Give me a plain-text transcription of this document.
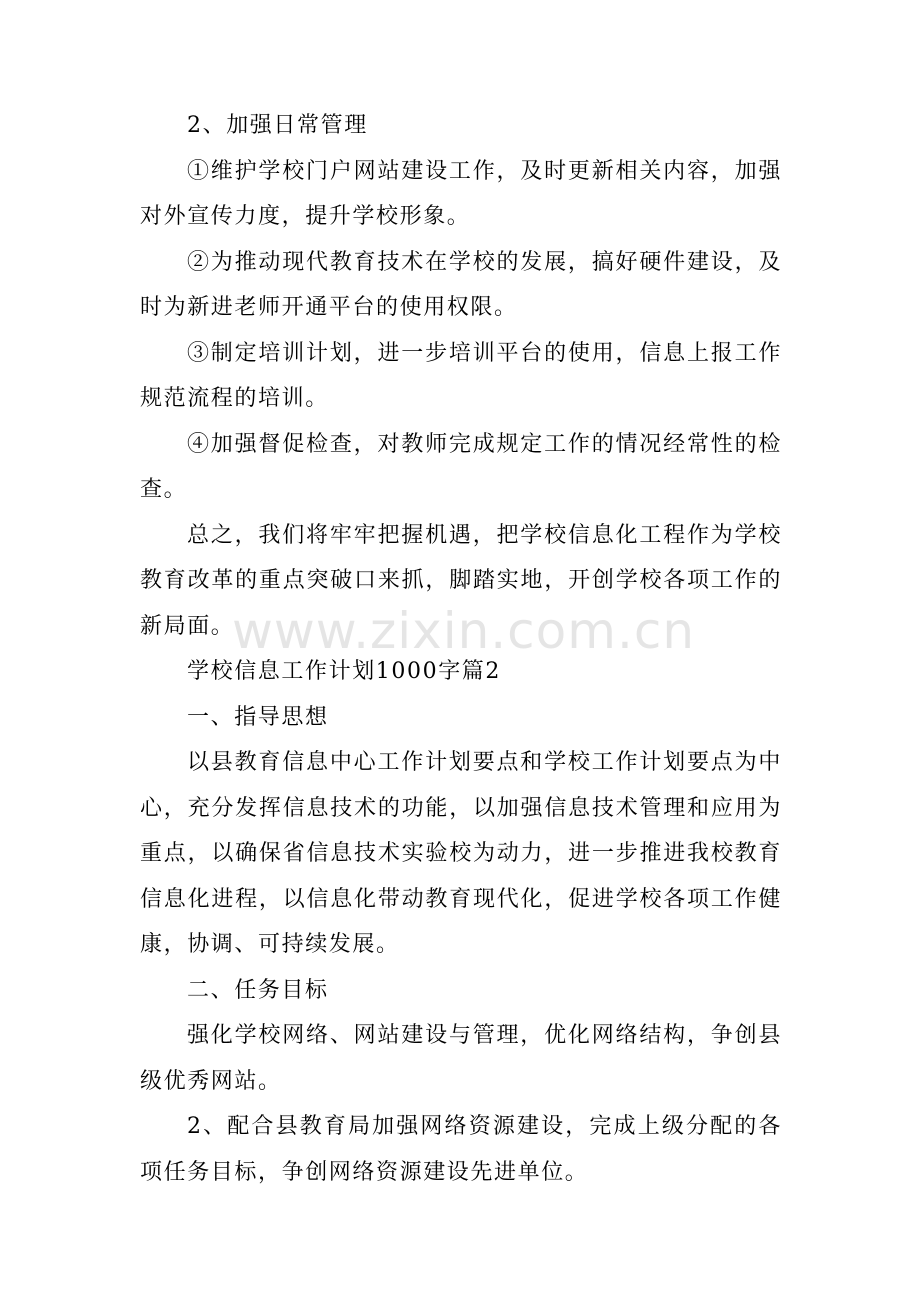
2、加强日常管理

①维护学校门户网站建设工作，及时更新相关内容，加强对外宣传力度，提升学校形象。

②为推动现代教育技术在学校的发展，搞好硬件建设，及时为新进老师开通平台的使用权限。

③制定培训计划，进一步培训平台的使用，信息上报工作规范流程的培训。

④加强督促检查，对教师完成规定工作的情况经常性的检查。

总之，我们将牢牢把握机遇，把学校信息化工程作为学校教育改革的重点突破口来抓，脚踏实地，开创学校各项工作的新局面。

学校信息工作计划1000字篇2

一、指导思想

以县教育信息中心工作计划要点和学校工作计划要点为中心，充分发挥信息技术的功能，以加强信息技术管理和应用为重点，以确保省信息技术实验校为动力，进一步推进我校教育信息化进程，以信息化带动教育现代化，促进学校各项工作健康，协调、可持续发展。

二、任务目标

强化学校网络、网站建设与管理，优化网络结构，争创县级优秀网站。

2、配合县教育局加强网络资源建设，完成上级分配的各项任务目标，争创网络资源建设先进单位。

www.zixin.com.cn
